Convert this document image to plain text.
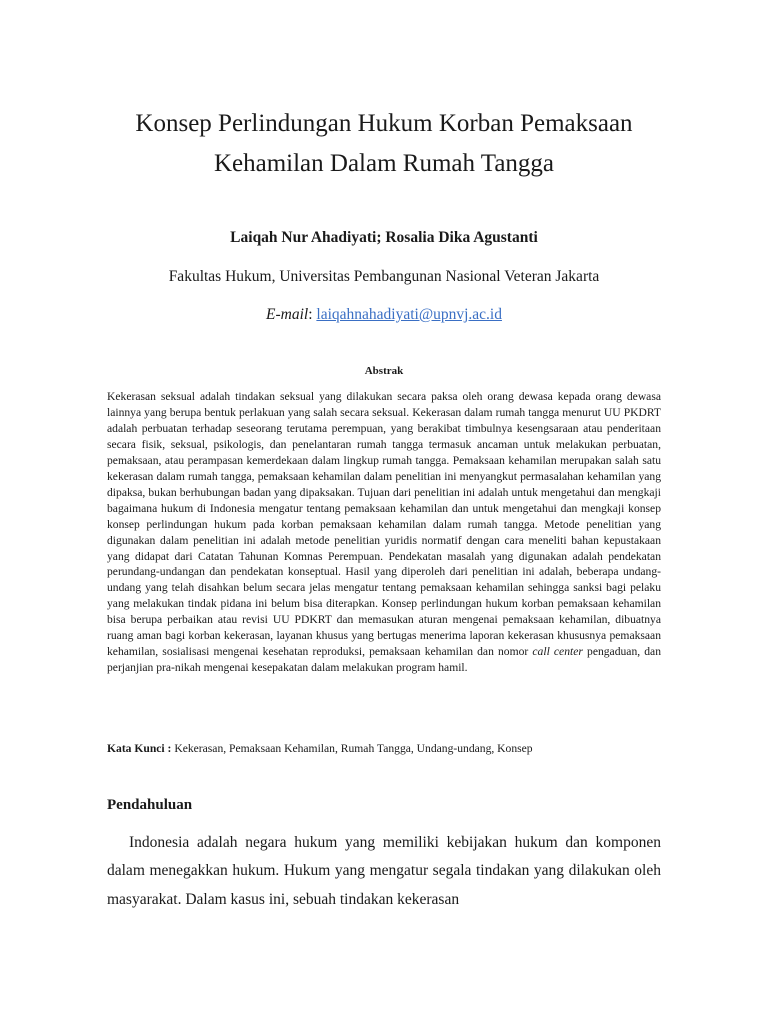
Konsep Perlindungan Hukum Korban Pemaksaan
Kehamilan Dalam Rumah Tangga

Laiqah Nur Ahadiyati; Rosalia Dika Agustanti

Fakultas Hukum, Universitas Pembangunan Nasional Veteran Jakarta

E-mail: laiqahnahadiyati@upnvj.ac.id

Abstrak

Kekerasan seksual adalah tindakan seksual yang dilakukan secara paksa oleh orang dewasa kepada orang dewasa lainnya yang berupa bentuk perlakuan yang salah secara seksual. Kekerasan dalam rumah tangga menurut UU PKDRT adalah perbuatan terhadap seseorang terutama perempuan, yang berakibat timbulnya kesengsaraan atau penderitaan secara fisik, seksual, psikologis, dan penelantaran rumah tangga termasuk ancaman untuk melakukan perbuatan, pemaksaan, atau perampasan kemerdekaan dalam lingkup rumah tangga. Pemaksaan kehamilan merupakan salah satu kekerasan dalam rumah tangga, pemaksaan kehamilan dalam penelitian ini menyangkut permasalahan kehamilan yang dipaksa, bukan berhubungan badan yang dipaksakan. Tujuan dari penelitian ini adalah untuk mengetahui dan mengkaji bagaimana hukum di Indonesia mengatur tentang pemaksaan kehamilan dan untuk mengetahui dan mengkaji konsep konsep perlindungan hukum pada korban pemaksaan kehamilan dalam rumah tangga. Metode penelitian yang digunakan dalam penelitian ini adalah metode penelitian yuridis normatif dengan cara meneliti bahan kepustakaan yang didapat dari Catatan Tahunan Komnas Perempuan. Pendekatan masalah yang digunakan adalah pendekatan perundang-undangan dan pendekatan konseptual. Hasil yang diperoleh dari penelitian ini adalah, beberapa undang-undang yang telah disahkan belum secara jelas mengatur tentang pemaksaan kehamilan sehingga sanksi bagi pelaku yang melakukan tindak pidana ini belum bisa diterapkan. Konsep perlindungan hukum korban pemaksaan kehamilan bisa berupa perbaikan atau revisi UU PDKRT dan memasukan aturan mengenai pemaksaan kehamilan, dibuatnya ruang aman bagi korban kekerasan, layanan khusus yang bertugas menerima laporan kekerasan khususnya pemaksaan kehamilan, sosialisasi mengenai kesehatan reproduksi, pemaksaan kehamilan dan nomor call center pengaduan, dan perjanjian pra-nikah mengenai kesepakatan dalam melakukan program hamil.

Kata Kunci : Kekerasan, Pemaksaan Kehamilan, Rumah Tangga, Undang-undang, Konsep

Pendahuluan

Indonesia adalah negara hukum yang memiliki kebijakan hukum dan komponen dalam menegakkan hukum. Hukum yang mengatur segala tindakan yang dilakukan oleh masyarakat. Dalam kasus ini, sebuah tindakan kekerasan
